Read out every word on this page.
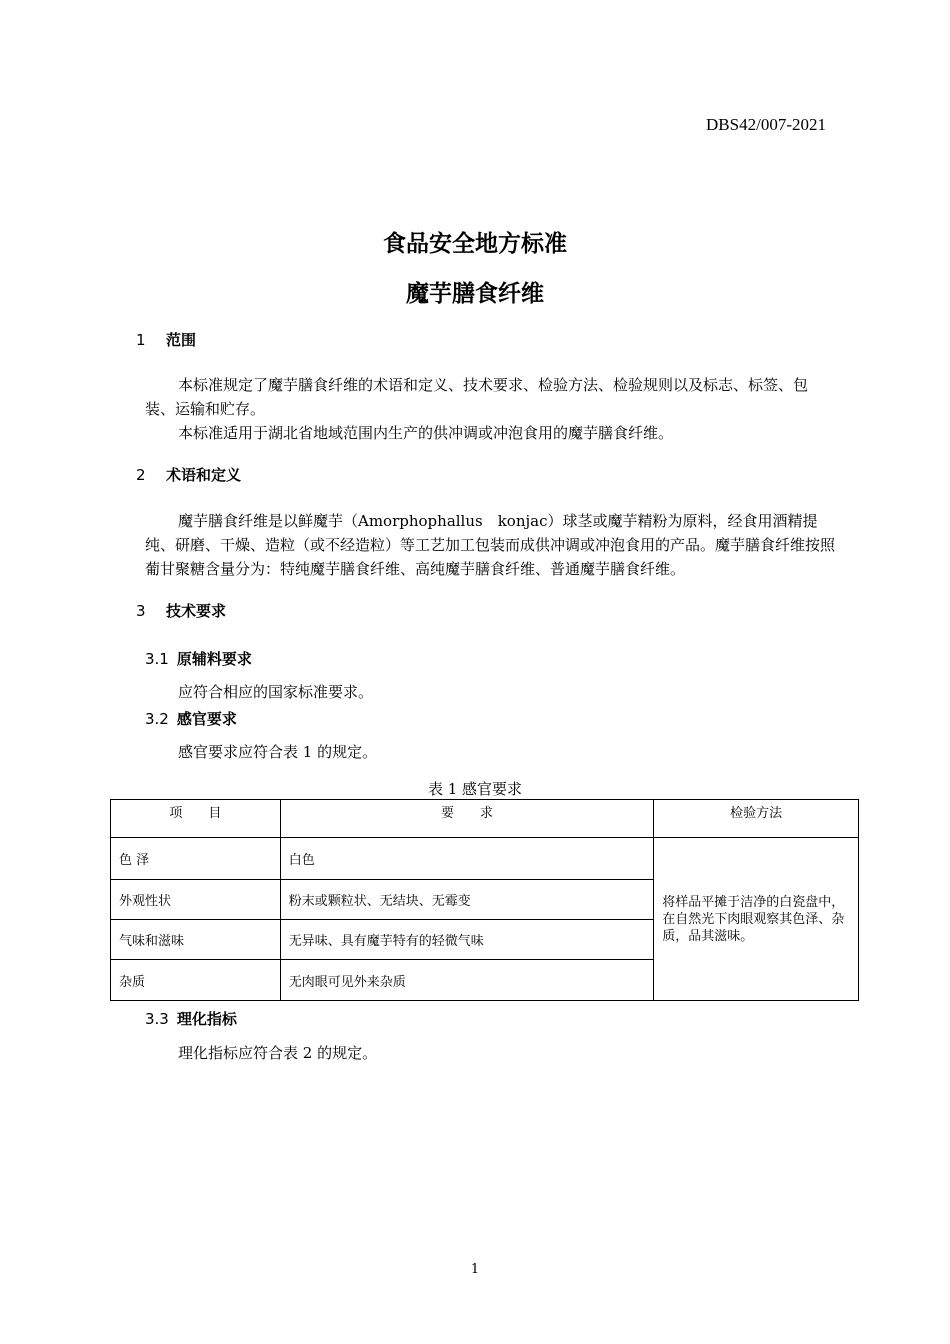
DBS42/007-2021
食品安全地方标准
魔芋膳食纤维
1 范围

本标准规定了魔芋膳食纤维的术语和定义、技术要求、检验方法、检验规则以及标志、标签、包装、运输和贮存。

本标准适用于湖北省地域范围内生产的供冲调或冲泡食用的魔芋膳食纤维。

2 术语和定义

魔芋膳食纤维是以鲜魔芋（Amorphophallus　konjac）球茎或魔芋精粉为原料，经食用酒精提纯、研磨、干燥、造粒（或不经造粒）等工艺加工包装而成供冲调或冲泡食用的产品。魔芋膳食纤维按照葡甘聚糖含量分为：特纯魔芋膳食纤维、高纯魔芋膳食纤维、普通魔芋膳食纤维。

3 技术要求
3.1 原辅料要求

应符合相应的国家标准要求。

3.2 感官要求

感官要求应符合表 1 的规定。

表 1 感官要求
项　　目	要　　求	检验方法
色 泽	白色	将样品平摊于洁净的白瓷盘中，在自然光下肉眼观察其色泽、杂质，品其滋味。
外观性状	粉末或颗粒状、无结块、无霉变	
气味和滋味	无异味、具有魔芋特有的轻微气味	
杂质	无肉眼可见外来杂质	
3.3 理化指标

理化指标应符合表 2 的规定。

1
